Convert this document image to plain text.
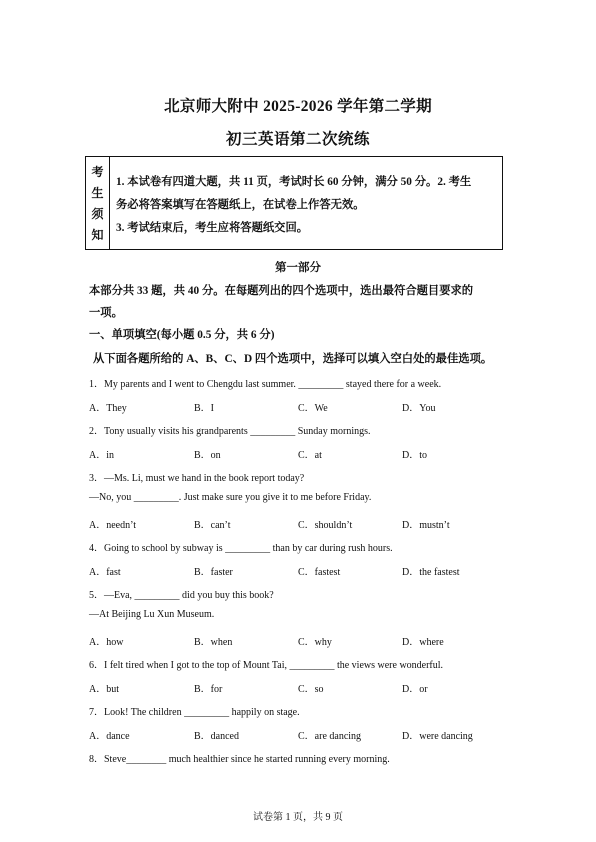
北京师大附中 2025-2026 学年第二学期
初三英语第二次统练
考
生
须
知
1. 本试卷有四道大题，共 11 页，考试时长 60 分钟，满分 50 分。2. 考生
务必将答案填写在答题纸上，在试卷上作答无效。
3. 考试结束后，考生应将答题纸交回。
第一部分
本部分共 33 题，共 40 分。在每题列出的四个选项中，选出最符合题目要求的
一项。
一、单项填空(每小题 0.5 分，共 6 分)
从下面各题所给的 A、B、C、D 四个选项中，选择可以填入空白处的最佳选项。
1．My parents and I went to Chengdu last summer. _________ stayed there for a week.
A．They	B．I	C．We	D．You
2．Tony usually visits his grandparents _________ Sunday mornings.
A．in	B．on	C．at	D．to
3．—Ms. Li, must we hand in the book report today?
—No, you _________. Just make sure you give it to me before Friday.
A．needn’t	B．can’t	C．shouldn’t	D．mustn’t
4．Going to school by subway is _________ than by car during rush hours.
A．fast	B．faster	C．fastest	D．the fastest
5．—Eva, _________ did you buy this book?
—At Beijing Lu Xun Museum.
A．how	B．when	C．why	D．where
6．I felt tired when I got to the top of Mount Tai, _________ the views were wonderful.
A．but	B．for	C．so	D．or
7．Look! The children _________ happily on stage.
A．dance	B．danced	C．are dancing	D．were dancing
8．Steve________ much healthier since he started running every morning.
试卷第 1 页，共 9 页
